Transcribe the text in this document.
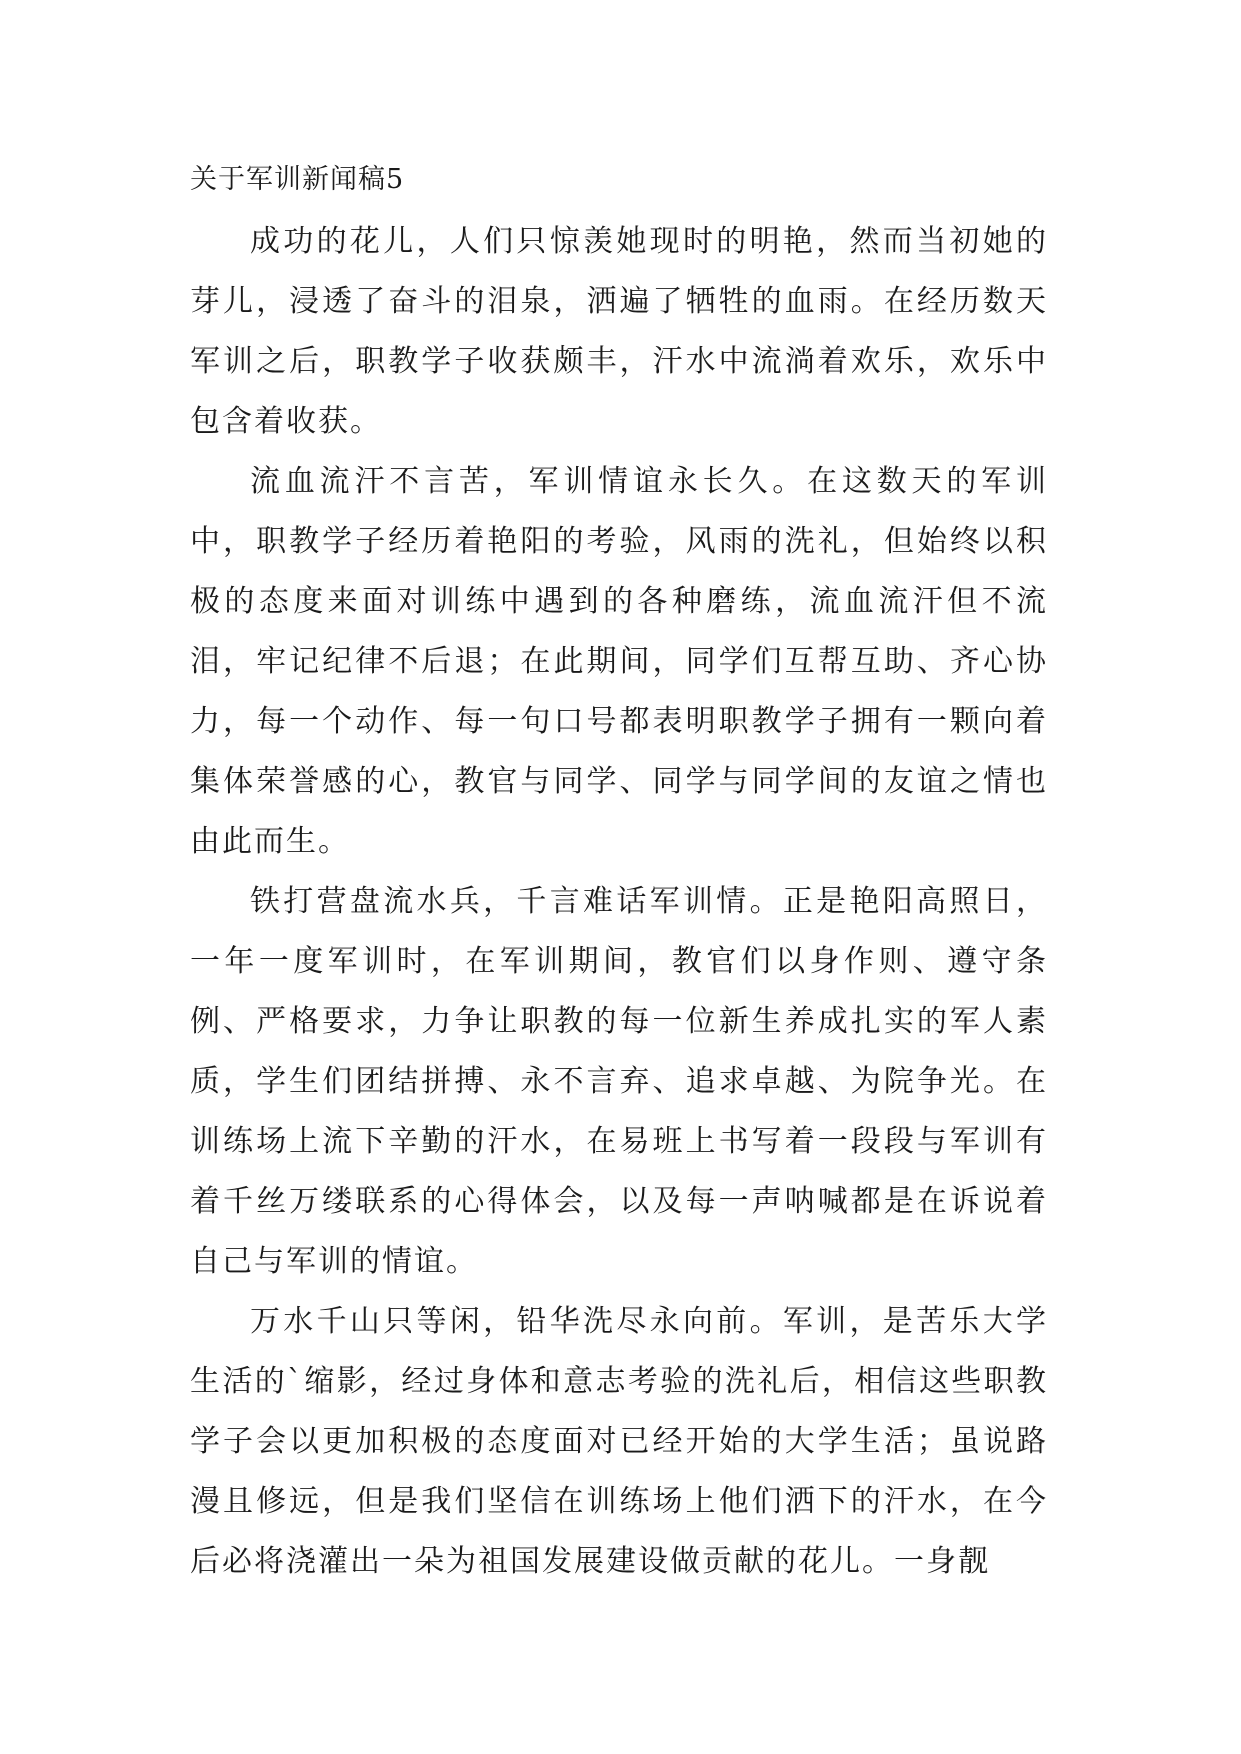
关于军训新闻稿5

成功的花儿，人们只惊羡她现时的明艳，然而当初她的芽儿，浸透了奋斗的泪泉，洒遍了牺牲的血雨。在经历数天军训之后，职教学子收获颇丰，汗水中流淌着欢乐，欢乐中包含着收获。

流血流汗不言苦，军训情谊永长久。在这数天的军训中，职教学子经历着艳阳的考验，风雨的洗礼，但始终以积极的态度来面对训练中遇到的各种磨练，流血流汗但不流泪，牢记纪律不后退；在此期间，同学们互帮互助、齐心协力，每一个动作、每一句口号都表明职教学子拥有一颗向着集体荣誉感的心，教官与同学、同学与同学间的友谊之情也由此而生。

铁打营盘流水兵，千言难话军训情。正是艳阳高照日，一年一度军训时，在军训期间，教官们以身作则、遵守条例、严格要求，力争让职教的每一位新生养成扎实的军人素质，学生们团结拼搏、永不言弃、追求卓越、为院争光。在训练场上流下辛勤的汗水，在易班上书写着一段段与军训有着千丝万缕联系的心得体会，以及每一声呐喊都是在诉说着自己与军训的情谊。

万水千山只等闲，铅华洗尽永向前。军训，是苦乐大学生活的`缩影，经过身体和意志考验的洗礼后，相信这些职教学子会以更加积极的态度面对已经开始的大学生活；虽说路漫且修远，但是我们坚信在训练场上他们洒下的汗水，在今后必将浇灌出一朵为祖国发展建设做贡献的花儿。一身靓
